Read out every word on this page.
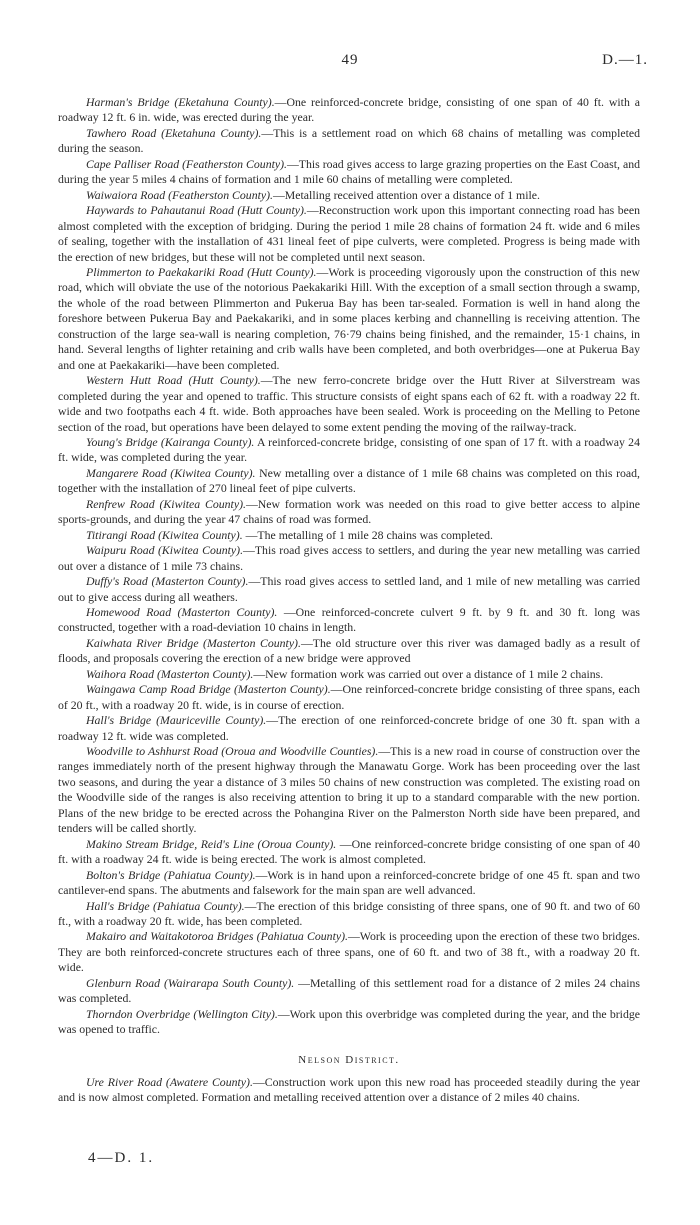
49	D.—1.

Harman's Bridge (Eketahuna County).—One reinforced-concrete bridge, consisting of one span of 40 ft. with a roadway 12 ft. 6 in. wide, was erected during the year.

Tawhero Road (Eketahuna County).—This is a settlement road on which 68 chains of metalling was completed during the season.

Cape Palliser Road (Featherston County).—This road gives access to large grazing properties on the East Coast, and during the year 5 miles 4 chains of formation and 1 mile 60 chains of metalling were completed.

Waiwaiora Road (Featherston County).—Metalling received attention over a distance of 1 mile.

Haywards to Pahautanui Road (Hutt County).—Reconstruction work upon this important connecting road has been almost completed with the exception of bridging. During the period 1 mile 28 chains of formation 24 ft. wide and 6 miles of sealing, together with the installation of 431 lineal feet of pipe culverts, were completed. Progress is being made with the erection of new bridges, but these will not be completed until next season.

Plimmerton to Paekakariki Road (Hutt County).—Work is proceeding vigorously upon the construction of this new road, which will obviate the use of the notorious Paekakariki Hill. With the exception of a small section through a swamp, the whole of the road between Plimmerton and Pukerua Bay has been tar-sealed. Formation is well in hand along the foreshore between Pukerua Bay and Paekakariki, and in some places kerbing and channelling is receiving attention. The construction of the large sea-wall is nearing completion, 76·79 chains being finished, and the remainder, 15·1 chains, in hand. Several lengths of lighter retaining and crib walls have been completed, and both overbridges—one at Pukerua Bay and one at Paekakariki—have been completed.

Western Hutt Road (Hutt County).—The new ferro-concrete bridge over the Hutt River at Silverstream was completed during the year and opened to traffic. This structure consists of eight spans each of 62 ft. with a roadway 22 ft. wide and two footpaths each 4 ft. wide. Both approaches have been sealed. Work is proceeding on the Melling to Petone section of the road, but operations have been delayed to some extent pending the moving of the railway-track.

Young's Bridge (Kairanga County). A reinforced-concrete bridge, consisting of one span of 17 ft. with a roadway 24 ft. wide, was completed during the year.

Mangarere Road (Kiwitea County). New metalling over a distance of 1 mile 68 chains was completed on this road, together with the installation of 270 lineal feet of pipe culverts.

Renfrew Road (Kiwitea County).—New formation work was needed on this road to give better access to alpine sports-grounds, and during the year 47 chains of road was formed.

Titirangi Road (Kiwitea County). —The metalling of 1 mile 28 chains was completed.

Waipuru Road (Kiwitea County).—This road gives access to settlers, and during the year new metalling was carried out over a distance of 1 mile 73 chains.

Duffy's Road (Masterton County).—This road gives access to settled land, and 1 mile of new metalling was carried out to give access during all weathers.

Homewood Road (Masterton County). —One reinforced-concrete culvert 9 ft. by 9 ft. and 30 ft. long was constructed, together with a road-deviation 10 chains in length.

Kaiwhata River Bridge (Masterton County).—The old structure over this river was damaged badly as a result of floods, and proposals covering the erection of a new bridge were approved

Waihora Road (Masterton County).—New formation work was carried out over a distance of 1 mile 2 chains.

Waingawa Camp Road Bridge (Masterton County).—One reinforced-concrete bridge consisting of three spans, each of 20 ft., with a roadway 20 ft. wide, is in course of erection.

Hall's Bridge (Mauriceville County).—The erection of one reinforced-concrete bridge of one 30 ft. span with a roadway 12 ft. wide was completed.

Woodville to Ashhurst Road (Oroua and Woodville Counties).—This is a new road in course of construction over the ranges immediately north of the present highway through the Manawatu Gorge. Work has been proceeding over the last two seasons, and during the year a distance of 3 miles 50 chains of new construction was completed. The existing road on the Woodville side of the ranges is also receiving attention to bring it up to a standard comparable with the new portion. Plans of the new bridge to be erected across the Pohangina River on the Palmerston North side have been prepared, and tenders will be called shortly.

Makino Stream Bridge, Reid's Line (Oroua County). —One reinforced-concrete bridge consisting of one span of 40 ft. with a roadway 24 ft. wide is being erected. The work is almost completed.

Bolton's Bridge (Pahiatua County).—Work is in hand upon a reinforced-concrete bridge of one 45 ft. span and two cantilever-end spans. The abutments and falsework for the main span are well advanced.

Hall's Bridge (Pahiatua County).—The erection of this bridge consisting of three spans, one of 90 ft. and two of 60 ft., with a roadway 20 ft. wide, has been completed.

Makairo and Waitakotoroa Bridges (Pahiatua County).—Work is proceeding upon the erection of these two bridges. They are both reinforced-concrete structures each of three spans, one of 60 ft. and two of 38 ft., with a roadway 20 ft. wide.

Glenburn Road (Wairarapa South County). —Metalling of this settlement road for a distance of 2 miles 24 chains was completed.

Thorndon Overbridge (Wellington City).—Work upon this overbridge was completed during the year, and the bridge was opened to traffic.

Nelson District.

Ure River Road (Awatere County).—Construction work upon this new road has proceeded steadily during the year and is now almost completed. Formation and metalling received attention over a distance of 2 miles 40 chains.

4—D. 1.
